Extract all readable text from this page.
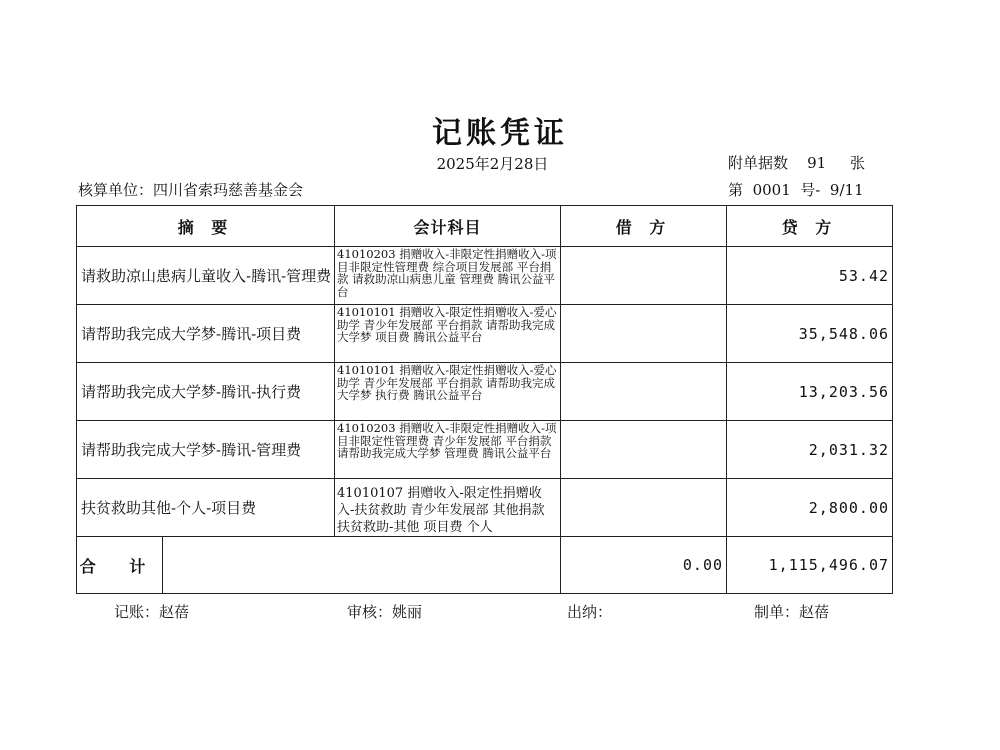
记账凭证
2025年2月28日	附单据数 91 张
核算单位：四川省索玛慈善基金会	第 0001 号- 9/11
摘 要		会计科目	借 方	贷 方
请救助凉山患病儿童收入-腾讯-管理费		41010203 捐赠收入-非限定性捐赠收入-项目非限定性管理费 综合项目发展部 平台捐款 请救助凉山病患儿童 管理费 腾讯公益平台		53.42
请帮助我完成大学梦-腾讯-项目费		41010101 捐赠收入-限定性捐赠收入-爱心助学 青少年发展部 平台捐款 请帮助我完成大学梦 项目费 腾讯公益平台		35,548.06
请帮助我完成大学梦-腾讯-执行费		41010101 捐赠收入-限定性捐赠收入-爱心助学 青少年发展部 平台捐款 请帮助我完成大学梦 执行费 腾讯公益平台		13,203.56
请帮助我完成大学梦-腾讯-管理费		41010203 捐赠收入-非限定性捐赠收入-项目非限定性管理费 青少年发展部 平台捐款 请帮助我完成大学梦 管理费 腾讯公益平台		2,031.32
扶贫救助其他-个人-项目费		41010107 捐赠收入-限定性捐赠收入-扶贫救助 青少年发展部 其他捐款 扶贫救助-其他 项目费 个人		2,800.00
合 计			0.00	1,115,496.07
记账：赵蓓	审核：姚丽	出纳：	制单：赵蓓
